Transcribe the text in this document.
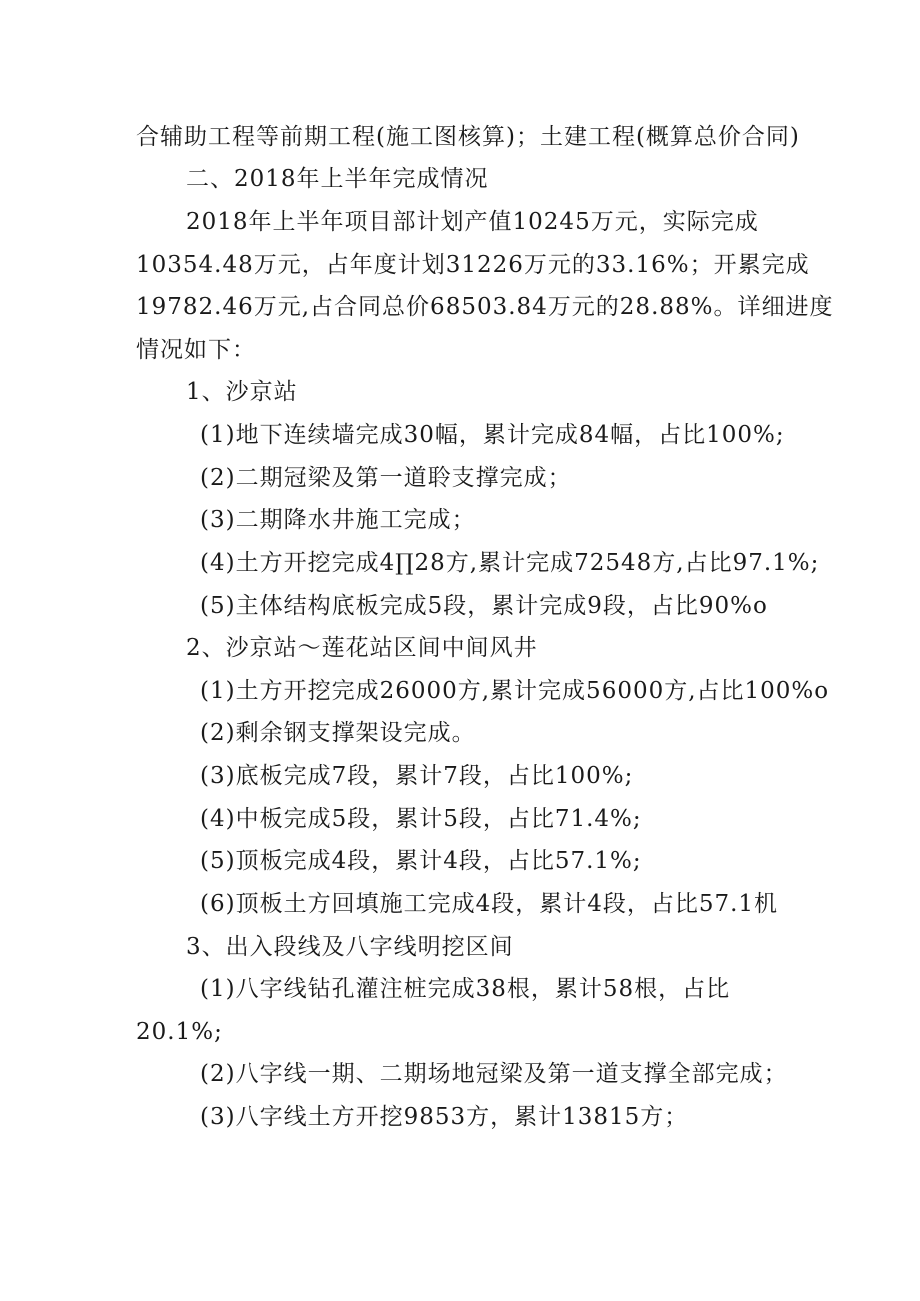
合辅助工程等前期工程(施工图核算)；土建工程(概算总价合同)
二、2018年上半年完成情况
2018年上半年项目部计划产值10245万元，实际完成
10354.48万元，占年度计划31226万元的33.16%；开累完成
19782.46万元,占合同总价68503.84万元的28.88%。详细进度
情况如下：
1、沙京站
(1)地下连续墙完成30幅，累计完成84幅，占比100%;
(2)二期冠梁及第一道聆支撑完成；
(3)二期降水井施工完成；
(4)土方开挖完成4∏28方,累计完成72548方,占比97.1%;
(5)主体结构底板完成5段，累计完成9段，占比90%o
2、沙京站～莲花站区间中间风井
(1)土方开挖完成26000方,累计完成56000方,占比100%o
(2)剩余钢支撑架设完成。
(3)底板完成7段，累计7段，占比100%;
(4)中板完成5段，累计5段，占比71.4%;
(5)顶板完成4段，累计4段，占比57.1%;
(6)顶板土方回填施工完成4段，累计4段，占比57.1机
3、出入段线及八字线明挖区间
(1)八字线钻孔灌注桩完成38根，累计58根，占比
20.1%;
(2)八字线一期、二期场地冠梁及第一道支撑全部完成；
(3)八字线土方开挖9853方，累计13815方；
